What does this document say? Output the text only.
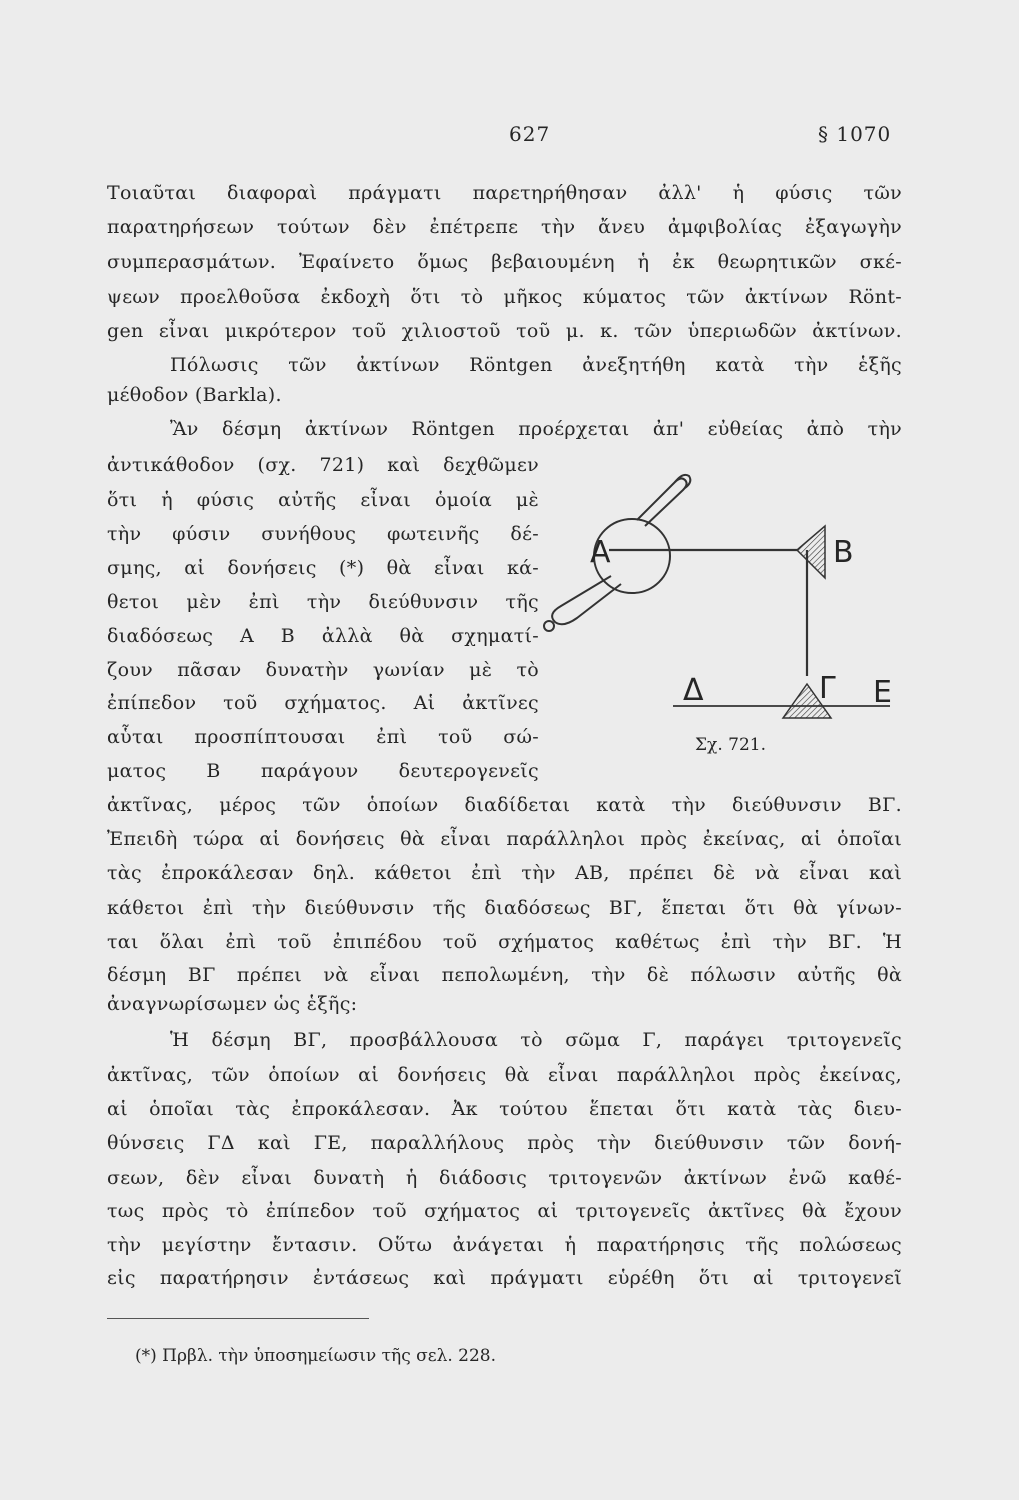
627	§ 1070
Τοιαῦται διαφοραὶ πράγματι παρετηρήθησαν ἀλλ' ἡ φύσις τῶν
παρατηρήσεων τούτων δὲν ἐπέτρεπε τὴν ἄνευ ἀμφιβολίας ἐξαγωγὴν
συμπερασμάτων. Ἐφαίνετο ὅμως βεβαιουμένη ἡ ἐκ θεωρητικῶν σκέ-
ψεων προελθοῦσα ἐκδοχὴ ὅτι τὸ μῆκος κύματος τῶν ἀκτίνων Rönt-
gen εἶναι μικρότερον τοῦ χιλιοστοῦ τοῦ μ. κ. τῶν ὑπεριωδῶν ἀκτίνων.
Πόλωσις τῶν ἀκτίνων Röntgen ἀνεξητήθη κατὰ τὴν ἑξῆς
μέθοδον (Barkla).
Ἂν δέσμη ἀκτίνων Röntgen προέρχεται ἀπ' εὐθείας ἀπὸ τὴν
ἀντικάθοδον (σχ. 721) καὶ δεχθῶμεν
ὅτι ἡ φύσις αὐτῆς εἶναι ὁμοία μὲ
τὴν φύσιν συνήθους φωτεινῆς δέ-
σμης, αἱ δονήσεις (*) θὰ εἶναι κά-
θετοι μὲν ἐπὶ τὴν διεύθυνσιν τῆς
διαδόσεως Α Β ἀλλὰ θὰ σχηματί-
ζουν πᾶσαν δυνατὴν γωνίαν μὲ τὸ
ἐπίπεδον τοῦ σχήματος. Αἱ ἀκτῖνες
αὗται προσπίπτουσαι ἐπὶ τοῦ σώ-
ματος Β παράγουν δευτερογενεῖς
ἀκτῖνας, μέρος τῶν ὁποίων διαδίδεται κατὰ τὴν διεύθυνσιν ΒΓ.
Ἐπειδὴ τώρα αἱ δονήσεις θὰ εἶναι παράλληλοι πρὸς ἐκείνας, αἱ ὁποῖαι
τὰς ἐπροκάλεσαν δηλ. κάθετοι ἐπὶ τὴν ΑΒ, πρέπει δὲ νὰ εἶναι καὶ
κάθετοι ἐπὶ τὴν διεύθυνσιν τῆς διαδόσεως ΒΓ, ἕπεται ὅτι θὰ γίνων-
ται ὅλαι ἐπὶ τοῦ ἐπιπέδου τοῦ σχήματος καθέτως ἐπὶ τὴν ΒΓ. Ἡ
δέσμη ΒΓ πρέπει νὰ εἶναι πεπολωμένη, τὴν δὲ πόλωσιν αὐτῆς θὰ
ἀναγνωρίσωμεν ὡς ἑξῆς:
Ἡ δέσμη ΒΓ, προσβάλλουσα τὸ σῶμα Γ, παράγει τριτογενεῖς
ἀκτῖνας, τῶν ὁποίων αἱ δονήσεις θὰ εἶναι παράλληλοι πρὸς ἐκείνας,
αἱ ὁποῖαι τὰς ἐπροκάλεσαν. Ἀκ τούτου ἕπεται ὅτι κατὰ τὰς διευ-
θύνσεις ΓΔ καὶ ΓΕ, παραλλήλους πρὸς τὴν διεύθυνσιν τῶν δονή-
σεων, δὲν εἶναι δυνατὴ ἡ διάδοσις τριτογενῶν ἀκτίνων ἐνῶ καθέ-
τως πρὸς τὸ ἐπίπεδον τοῦ σχήματος αἱ τριτογενεῖς ἀκτῖνες θὰ ἔχουν
τὴν μεγίστην ἔντασιν. Οὕτω ἀνάγεται ἡ παρατήρησις τῆς πολώσεως
εἰς παρατήρησιν ἐντάσεως καὶ πράγματι εὑρέθη ὅτι αἱ τριτογενεῖ
A	B
Δ	Γ E
Σχ. 721.
(*) Πρβλ. τὴν ὑποσημείωσιν τῆς σελ. 228.
